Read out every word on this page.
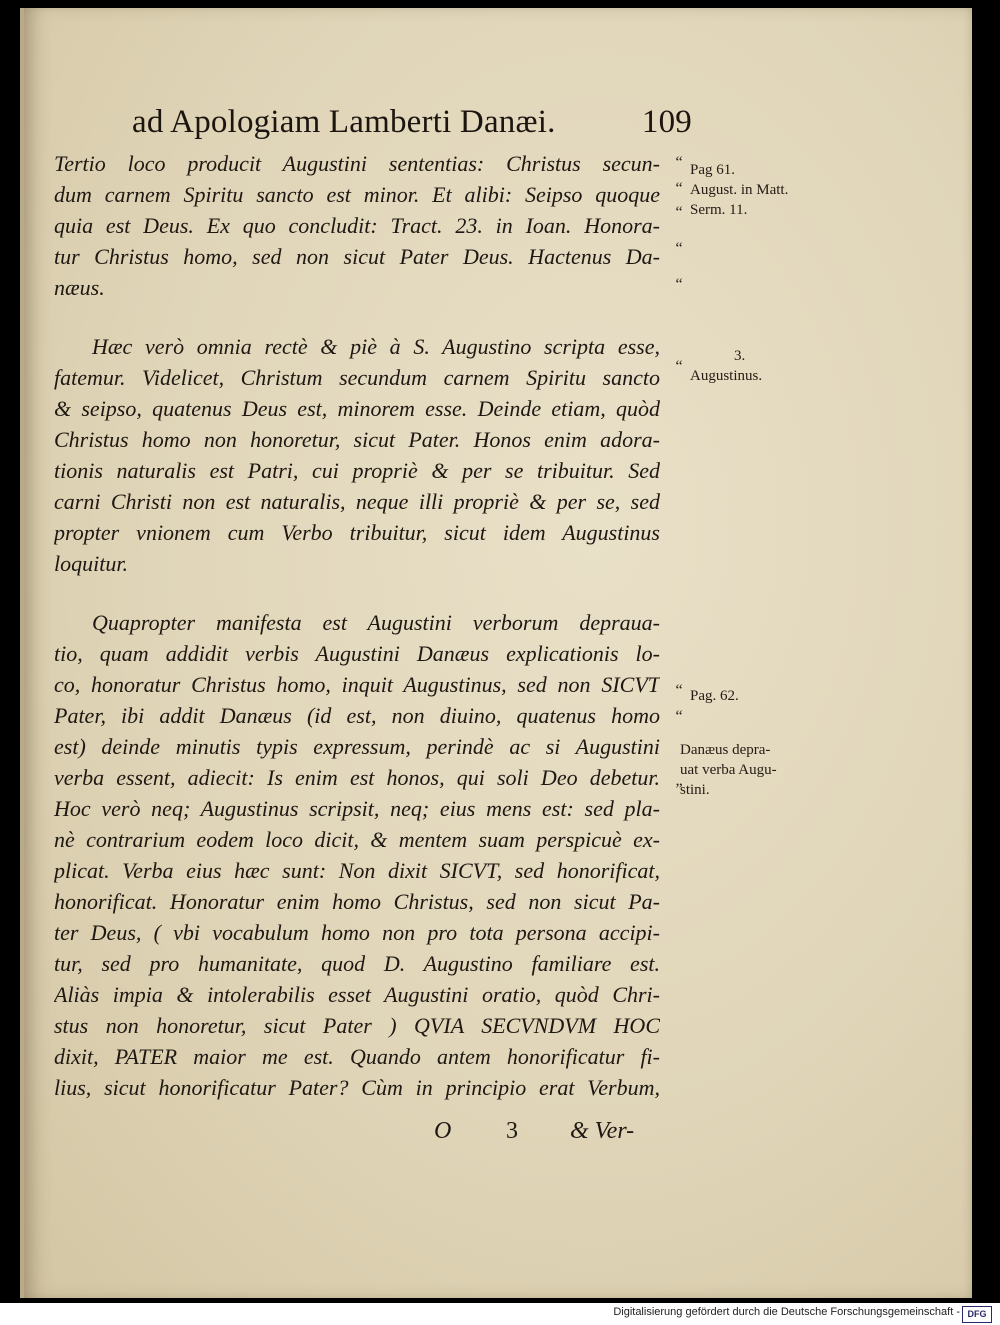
ad Apologiam Lamberti Danæi.	109
Tertio loco producit Augustini sententias: Christus secun-
dum carnem Spiritu sancto est minor. Et alibi: Seipso quoque
quia est Deus. Ex quo concludit: Tract. 23. in Ioan. Honora-
tur Christus homo, sed non sicut Pater Deus. Hactenus Da-
næus.
Hæc verò omnia rectè & piè à S. Augustino scripta esse,
fatemur. Videlicet, Christum secundum carnem Spiritu sancto
& seipso, quatenus Deus est, minorem esse. Deinde etiam, quòd
Christus homo non honoretur, sicut Pater. Honos enim adora-
tionis naturalis est Patri, cui propriè & per se tribuitur. Sed
carni Christi non est naturalis, neque illi propriè & per se, sed
propter vnionem cum Verbo tribuitur, sicut idem Augustinus
loquitur.
Quapropter manifesta est Augustini verborum deprauа-
tio, quam addidit verbis Augustini Danæus explicationis lo-
co, honoratur Christus homo, inquit Augustinus, sed non SICVT
Pater, ibi addit Danæus (id est, non diuino, quatenus homo
est) deinde minutis typis expressum, perindè ac si Augustini
verba essent, adiecit: Is enim est honos, qui soli Deo debetur.
Hoc verò neq; Augustinus scripsit, neq; eius mens est: sed pla-
nè contrarium eodem loco dicit, & mentem suam perspicuè ex-
plicat. Verba eius hæc sunt: Non dixit SICVT, sed honorificat,
honorificat. Honoratur enim homo Christus, sed non sicut Pa-
ter Deus, ( vbi vocabulum homo non pro tota persona accipi-
tur, sed pro humanitate, quod D. Augustino familiare est.
Aliàs impia & intolerabilis esset Augustini oratio, quòd Chri-
stus non honoretur, sicut Pater ) QVIA SECVNDVM HOC
dixit, PATER maior me est. Quando antem honorificatur fi-
lius, sicut honorificatur Pater? Cùm in principio erat Verbum,
“
“
“
“
“
“
“
“
„
Pag 61.
August. in Matt.
Serm. 11.
3.
Augustinus.
Pag. 62.
Danæus depra-
uat verba Augu-
stini.
O 3 & Ver-
Digitalisierung gefördert durch die Deutsche Forschungsgemeinschaft - DFG
